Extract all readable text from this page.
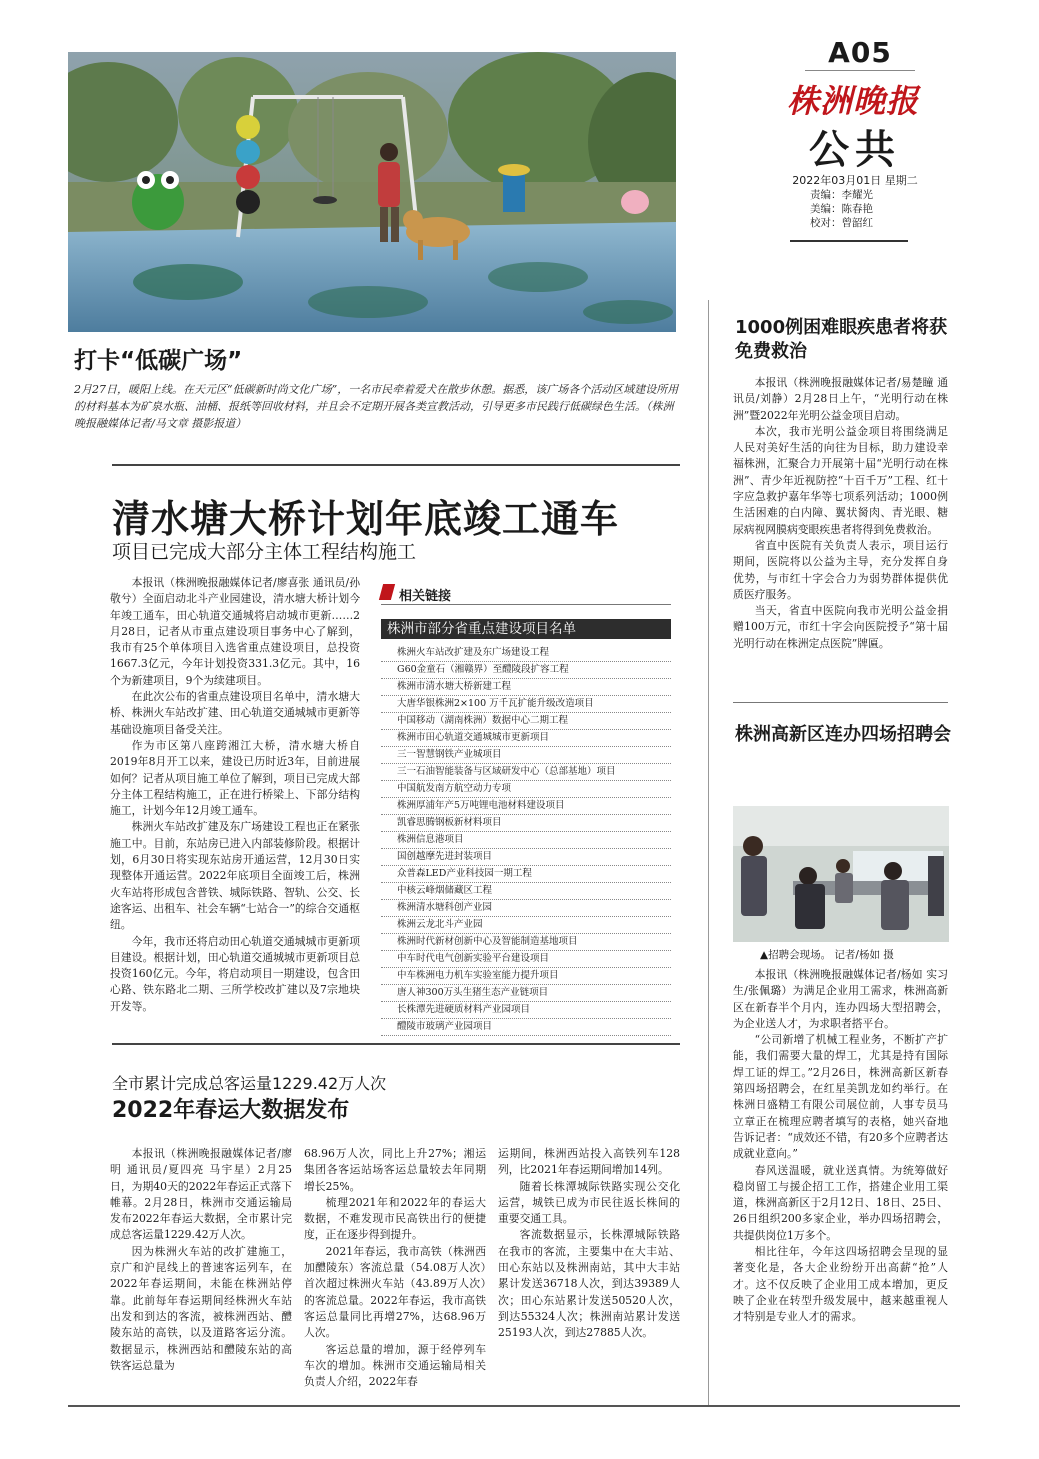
A05
株洲晚报
公共
2022年03月01日 星期二
责编：李耀光
美编：陈春艳
校对：曾韶红
打卡“低碳广场”
2月27日，暖阳上线。在天元区“低碳新时尚文化广场”，一名市民牵着爱犬在散步休憩。据悉，该广场各个活动区域建设所用的材料基本为矿泉水瓶、油桶、报纸等回收材料，并且会不定期开展各类宣教活动，引导更多市民践行低碳绿色生活。（株洲晚报融媒体记者/马文章 摄影报道）
清水塘大桥计划年底竣工通车
项目已完成大部分主体工程结构施工

本报讯（株洲晚报融媒体记者/廖喜张 通讯员/孙敬兮）全面启动北斗产业园建设，清水塘大桥计划今年竣工通车，田心轨道交通城将启动城市更新……2月28日，记者从市重点建设项目事务中心了解到，我市有25个单体项目入选省重点建设项目，总投资1667.3亿元，今年计划投资331.3亿元。其中，16个为新建项目，9个为续建项目。

在此次公布的省重点建设项目名单中，清水塘大桥、株洲火车站改扩建、田心轨道交通城城市更新等基础设施项目备受关注。

作为市区第八座跨湘江大桥，清水塘大桥自2019年8月开工以来，建设已历时近3年，目前进展如何？记者从项目施工单位了解到，项目已完成大部分主体工程结构施工，正在进行桥梁上、下部分结构施工，计划今年12月竣工通车。

株洲火车站改扩建及东广场建设工程也正在紧张施工中。目前，东站房已进入内部装修阶段。根据计划，6月30日将实现东站房开通运营，12月30日实现整体开通运营。2022年底项目全面竣工后，株洲火车站将形成包含普铁、城际铁路、智轨、公交、长途客运、出租车、社会车辆“七站合一”的综合交通枢纽。

今年，我市还将启动田心轨道交通城城市更新项目建设。根据计划，田心轨道交通城城市更新项目总投资160亿元。今年，将启动项目一期建设，包含田心路、铁东路北二期、三所学校改扩建以及7宗地块开发等。

相关链接
株洲市部分省重点建设项目名单
株洲火车站改扩建及东广场建设工程
G60金童石（湘赣界）至醴陵段扩容工程
株洲市清水塘大桥新建工程
大唐华银株洲2×100 万千瓦扩能升级改造项目
中国移动（湖南株洲）数据中心二期工程
株洲市田心轨道交通城城市更新项目
三一智慧钢铁产业城项目
三一石油智能装备与区域研发中心（总部基地）项目
中国航发南方航空动力专项
株洲厚浦年产5万吨锂电池材料建设项目
凯睿思腾钢板新材料项目
株洲信息港项目
国创越摩先进封装项目
众普森LED产业科技园一期工程
中核云峰烟储藏区工程
株洲清水塘科创产业园
株洲云龙北斗产业园
株洲时代新材创新中心及智能制造基地项目
中车时代电气创新实验平台建设项目
中车株洲电力机车实验室能力提升项目
唐人神300万头生猪生态产业链项目
长株潭先进硬质材料产业园项目
醴陵市玻璃产业园项目
全市累计完成总客运量1229.42万人次
2022年春运大数据发布

本报讯（株洲晚报融媒体记者/廖明 通讯员/夏四亮 马宇星）2月25日，为期40天的2022年春运正式落下帷幕。2月28日，株洲市交通运输局发布2022年春运大数据，全市累计完成总客运量1229.42万人次。

因为株洲火车站的改扩建施工，京广和沪昆线上的普速客运列车，在2022年春运期间，未能在株洲站停靠。此前每年春运期间经株洲火车站出发和到达的客流，被株洲西站、醴陵东站的高铁，以及道路客运分流。数据显示，株洲西站和醴陵东站的高铁客运总量为

68.96万人次，同比上升27%；湘运集团各客运站场客运总量较去年同期增长25%。

梳理2021年和2022年的春运大数据，不难发现市民高铁出行的便捷度，正在逐步得到提升。

2021年春运，我市高铁（株洲西加醴陵东）客流总量（54.08万人次）首次超过株洲火车站（43.89万人次）的客流总量。2022年春运，我市高铁客运总量同比再增27%，达68.96万人次。

客运总量的增加，源于经停列车车次的增加。株洲市交通运输局相关负责人介绍，2022年春

运期间，株洲西站投入高铁列车128列，比2021年春运期间增加14列。

随着长株潭城际铁路实现公交化运营，城铁已成为市民往返长株间的重要交通工具。

客流数据显示，长株潭城际铁路在我市的客流，主要集中在大丰站、田心东站以及株洲南站，其中大丰站累计发送36718人次，到达39389人次；田心东站累计发送50520人次，到达55324人次；株洲南站累计发送25193人次，到达27885人次。

1000例困难眼疾患者将获免费救治

本报讯（株洲晚报融媒体记者/易楚瞳 通讯员/刘静）2月28日上午，“光明行动在株洲”暨2022年光明公益金项目启动。

本次，我市光明公益金项目将围绕满足人民对美好生活的向往为目标，助力建设幸福株洲，汇聚合力开展第十届“光明行动在株洲”、青少年近视防控“十百千万”工程、红十字应急救护嘉年华等七项系列活动；1000例生活困难的白内障、翼状胬肉、青光眼、糖尿病视网膜病变眼疾患者将得到免费救治。

省直中医院有关负责人表示，项目运行期间，医院将以公益为主导，充分发挥自身优势，与市红十字会合力为弱势群体提供优质医疗服务。

当天，省直中医院向我市光明公益金捐赠100万元，市红十字会向医院授予“第十届光明行动在株洲定点医院”牌匾。

株洲高新区连办四场招聘会
▲招聘会现场。 记者/杨如 摄

本报讯（株洲晚报融媒体记者/杨如 实习生/张佩璐）为满足企业用工需求，株洲高新区在新春半个月内，连办四场大型招聘会，为企业送人才，为求职者搭平台。

“公司新增了机械工程业务，不断扩产扩能，我们需要大量的焊工，尤其是持有国际焊工证的焊工。”2月26日，株洲高新区新春第四场招聘会，在红星美凯龙如约举行。在株洲日盛精工有限公司展位前，人事专员马立章正在梳理应聘者填写的表格，她兴奋地告诉记者：“成效还不错，有20多个应聘者达成就业意向。”

春风送温暖，就业送真情。为统筹做好稳岗留工与援企招工工作，搭建企业用工渠道，株洲高新区于2月12日、18日、25日、26日组织200多家企业，举办四场招聘会，共提供岗位1万多个。

相比往年，今年这四场招聘会呈现的显著变化是，各大企业纷纷开出高薪“抢”人才。这不仅反映了企业用工成本增加，更反映了企业在转型升级发展中，越来越重视人才特别是专业人才的需求。
